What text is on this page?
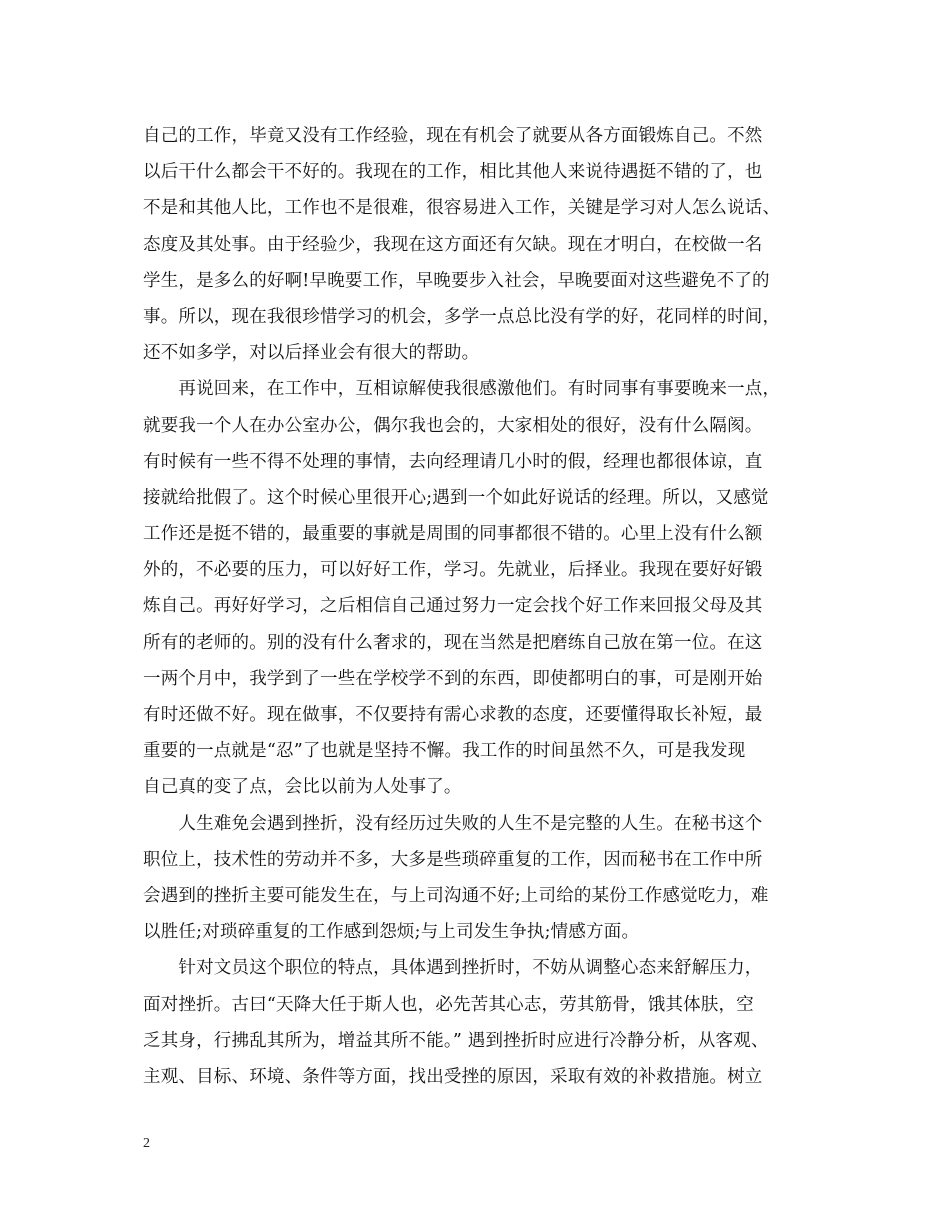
自己的工作，毕竟又没有工作经验，现在有机会了就要从各方面锻炼自己。不然
以后干什么都会干不好的。我现在的工作，相比其他人来说待遇挺不错的了，也
不是和其他人比，工作也不是很难，很容易进入工作，关键是学习对人怎么说话、
态度及其处事。由于经验少，我现在这方面还有欠缺。现在才明白，在校做一名
学生，是多么的好啊!早晚要工作，早晚要步入社会，早晚要面对这些避免不了的
事。所以，现在我很珍惜学习的机会，多学一点总比没有学的好，花同样的时间，
还不如多学，对以后择业会有很大的帮助。
　　再说回来，在工作中，互相谅解使我很感激他们。有时同事有事要晚来一点，
就要我一个人在办公室办公，偶尔我也会的，大家相处的很好，没有什么隔阂。
有时候有一些不得不处理的事情，去向经理请几小时的假，经理也都很体谅，直
接就给批假了。这个时候心里很开心;遇到一个如此好说话的经理。所以，又感觉
工作还是挺不错的，最重要的事就是周围的同事都很不错的。心里上没有什么额
外的，不必要的压力，可以好好工作，学习。先就业，后择业。我现在要好好锻
炼自己。再好好学习，之后相信自己通过努力一定会找个好工作来回报父母及其
所有的老师的。别的没有什么奢求的，现在当然是把磨练自己放在第一位。在这
一两个月中，我学到了一些在学校学不到的东西，即使都明白的事，可是刚开始
有时还做不好。现在做事，不仅要持有需心求教的态度，还要懂得取长补短，最
重要的一点就是“忍”了也就是坚持不懈。我工作的时间虽然不久，可是我发现
自己真的变了点，会比以前为人处事了。
　　人生难免会遇到挫折，没有经历过失败的人生不是完整的人生。在秘书这个
职位上，技术性的劳动并不多，大多是些琐碎重复的工作，因而秘书在工作中所
会遇到的挫折主要可能发生在，与上司沟通不好;上司给的某份工作感觉吃力，难
以胜任;对琐碎重复的工作感到怨烦;与上司发生争执;情感方面。
　　针对文员这个职位的特点，具体遇到挫折时，不妨从调整心态来舒解压力，
面对挫折。古曰“天降大任于斯人也，必先苦其心志，劳其筋骨，饿其体肤，空
乏其身，行拂乱其所为，增益其所不能。” 遇到挫折时应进行冷静分析，从客观、
主观、目标、环境、条件等方面，找出受挫的原因，采取有效的补救措施。树立
2
